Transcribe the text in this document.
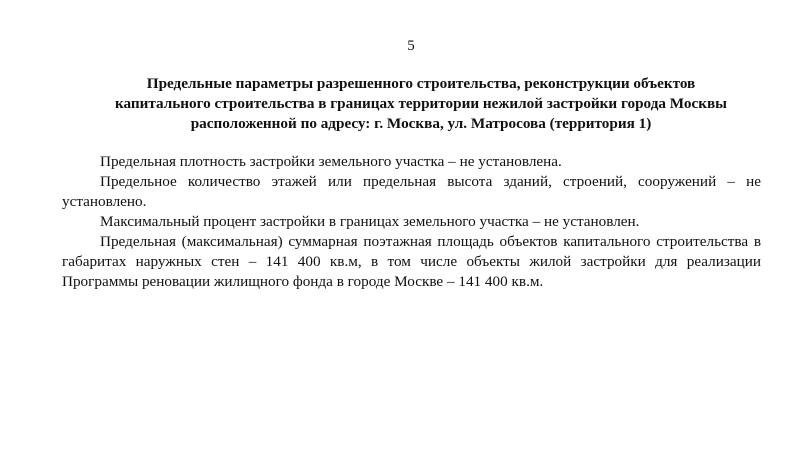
5
Предельные параметры разрешенного строительства, реконструкции объектов
капитального строительства в границах территории нежилой застройки города Москвы
расположенной по адресу: г. Москва, ул. Матросова (территория 1)

Предельная плотность застройки земельного участка – не установлена.

Предельное количество этажей или предельная высота зданий, строений, сооружений – не установлено.

Максимальный процент застройки в границах земельного участка – не установлен.

Предельная (максимальная) суммарная поэтажная площадь объектов капитального строительства в габаритах наружных стен – 141 400 кв.м, в том числе объекты жилой застройки для реализации Программы реновации жилищного фонда в городе Москве – 141 400 кв.м.
